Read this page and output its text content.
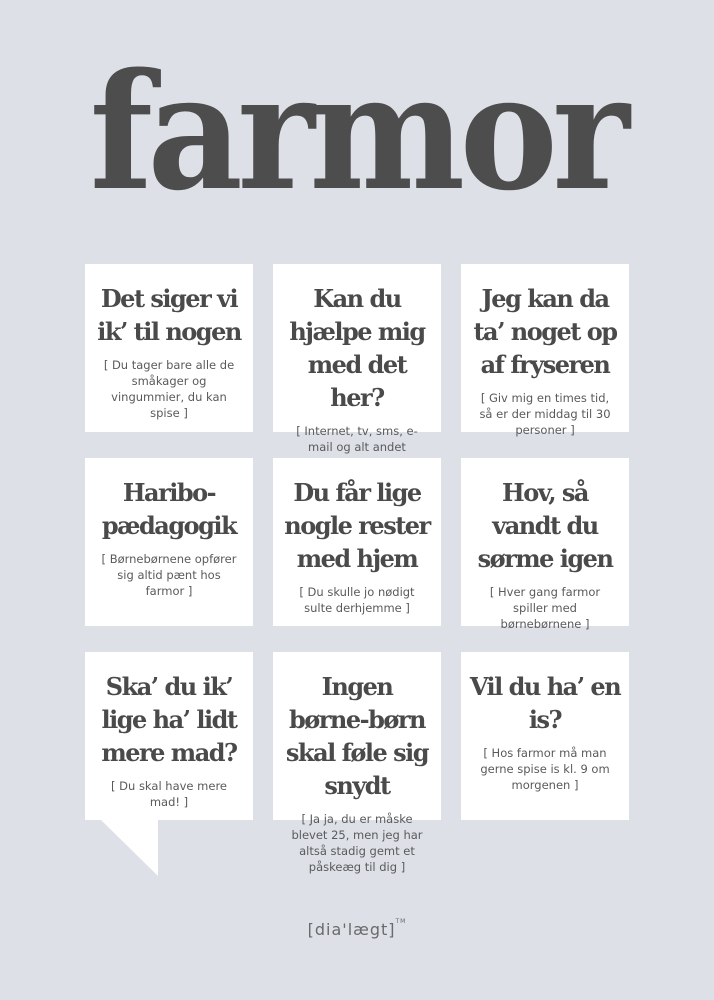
farmor
Det siger vi ik’ til nogen
[ Du tager bare alle de småkager og vingummier, du kan spise ]
Kan du hjælpe mig med det her?
[ Internet, tv, sms, e-mail og alt andet
Jeg kan da ta’ noget op af fryseren
[ Giv mig en times tid, så er der middag til 30 personer ]
Haribo-pædagogik
[ Børnebørnene opfører sig altid pænt hos farmor ]
Du får lige nogle rester med hjem
[ Du skulle jo nødigt sulte derhjemme ]
Hov, så vandt du sørme igen
[ Hver gang farmor spiller med børnebørnene ]
Ska’ du ik’ lige ha’ lidt mere mad?
[ Du skal have mere mad! ]
Ingen børne-børn skal føle sig snydt
[ Ja ja, du er måske blevet 25, men jeg har altså stadig gemt et påskeæg til dig ]
Vil du ha’ en is?
[ Hos farmor må man gerne spise is kl. 9 om morgenen ]
[dia'lægt]™
